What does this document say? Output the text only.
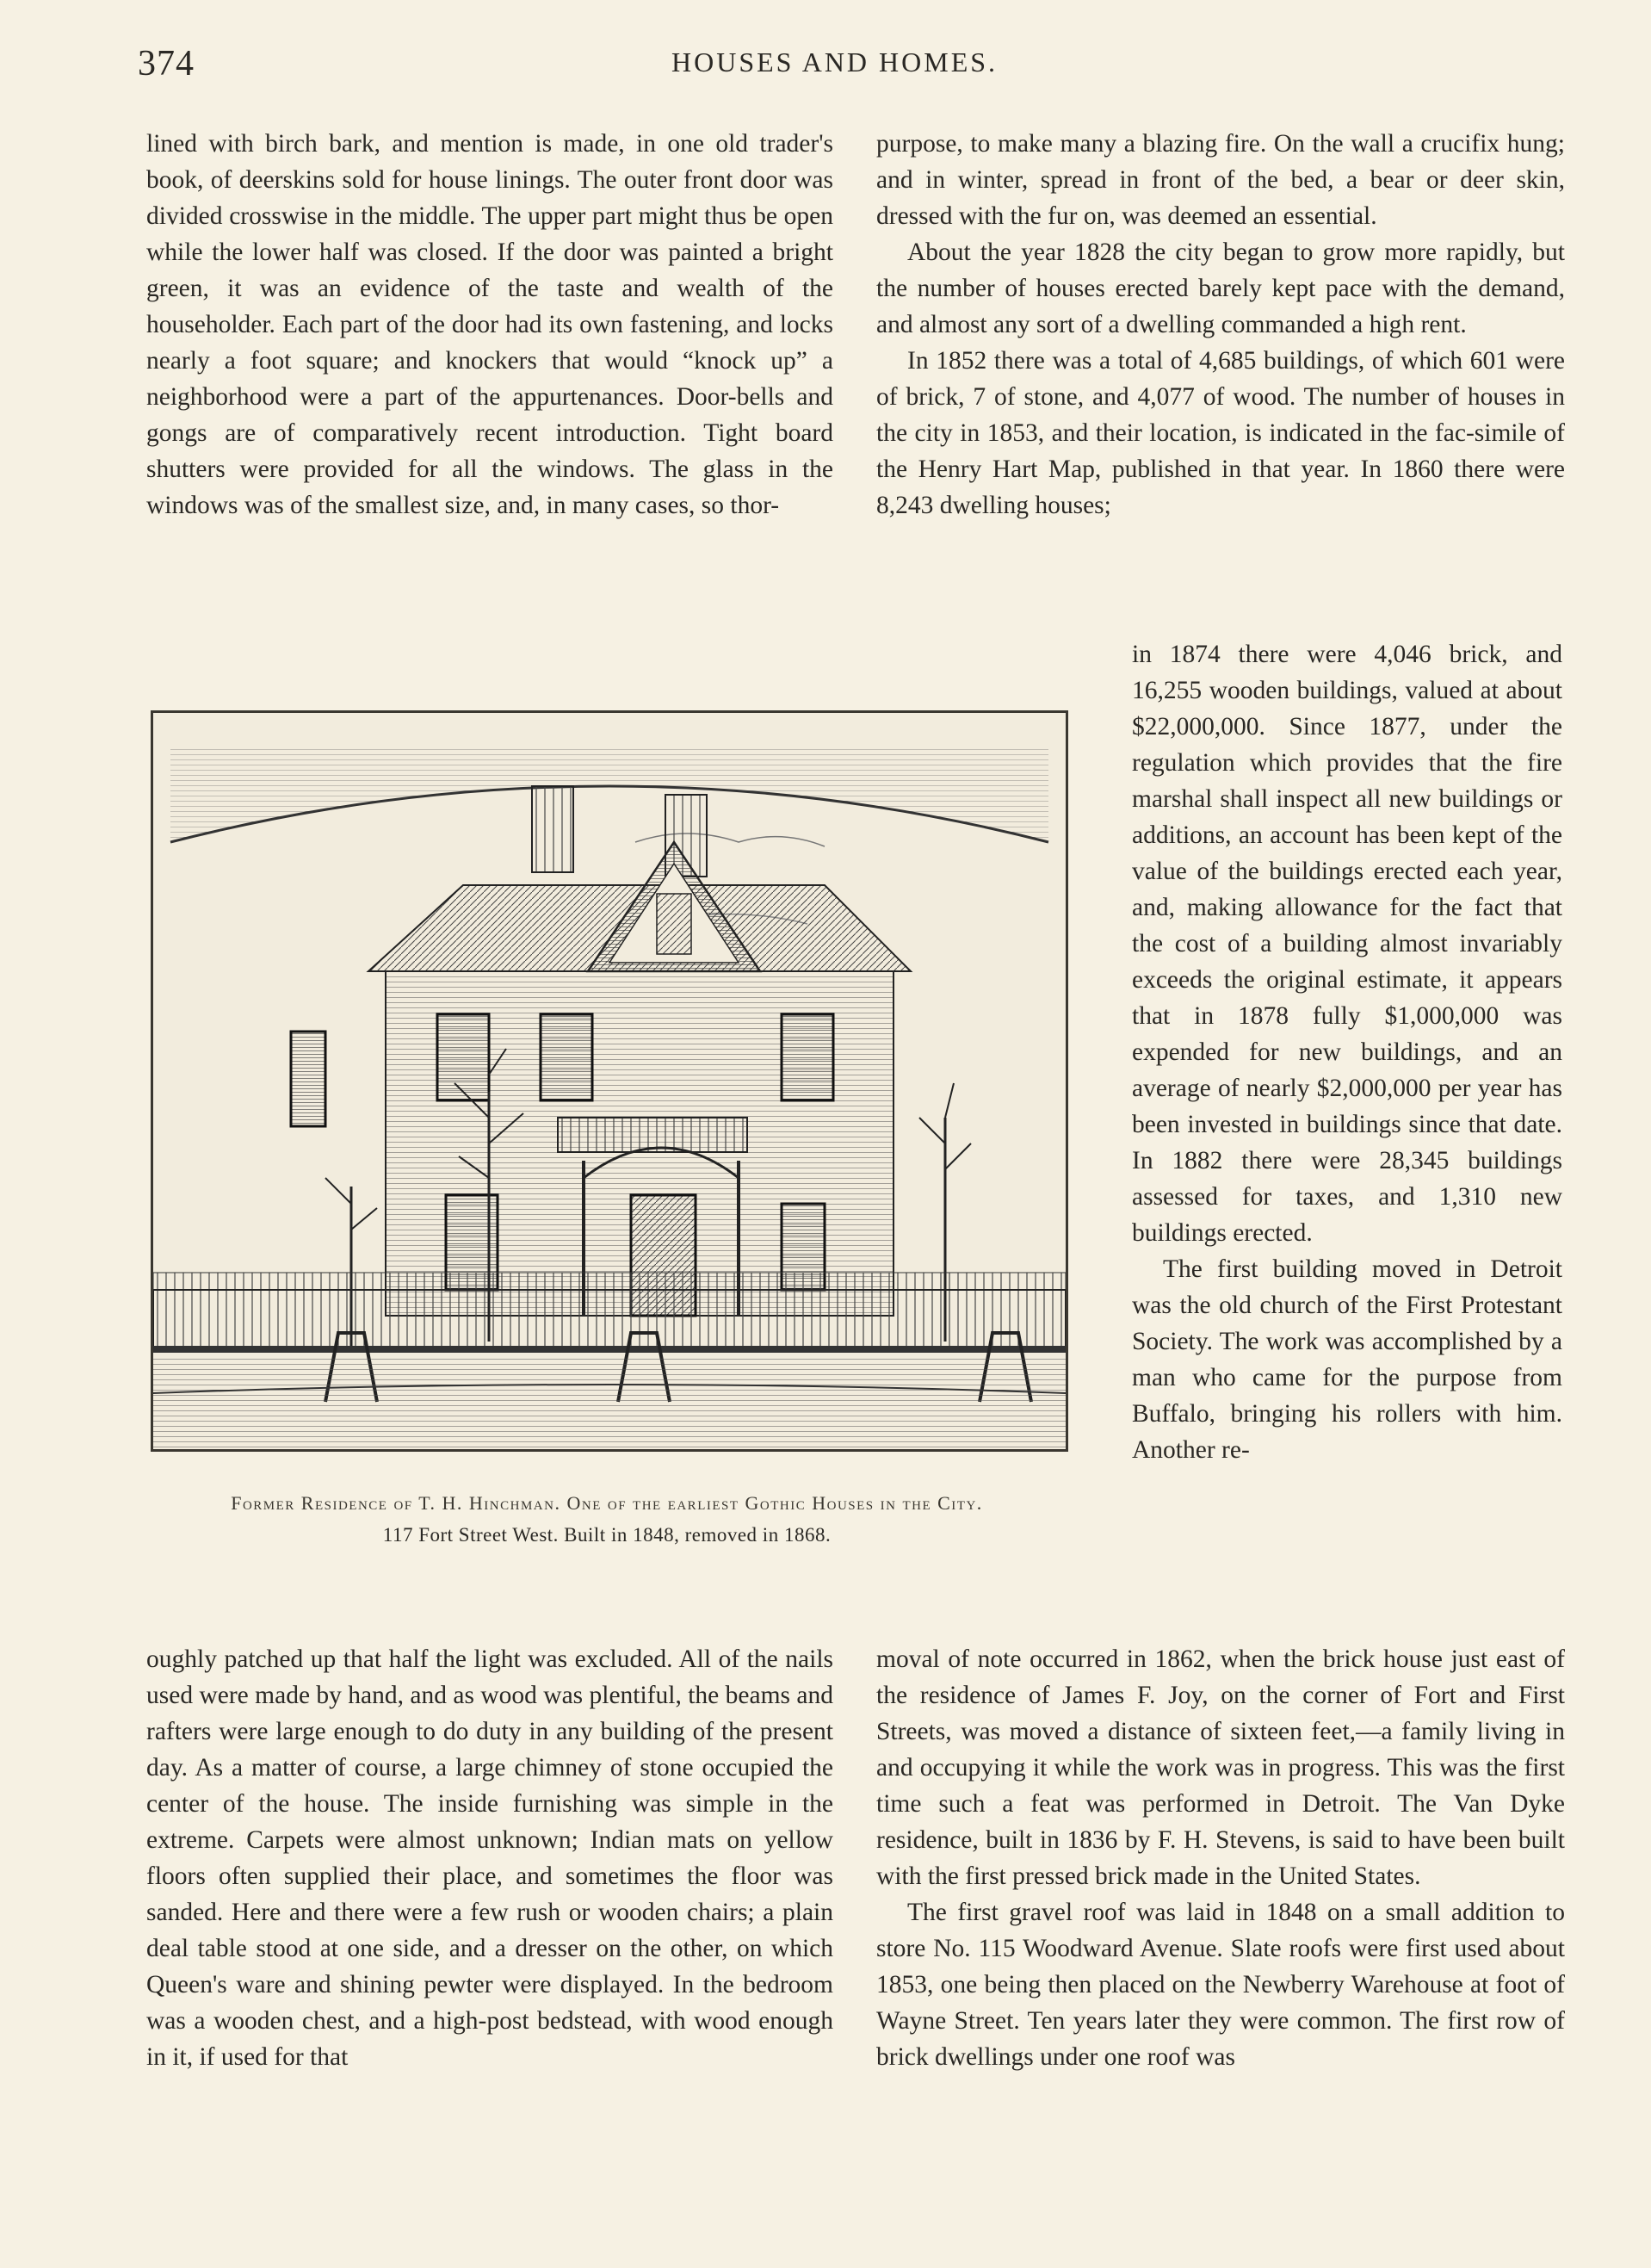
374	HOUSES AND HOMES.

lined with birch bark, and mention is made, in one old trader's book, of deerskins sold for house linings. The outer front door was divided crosswise in the middle. The upper part might thus be open while the lower half was closed. If the door was painted a bright green, it was an evidence of the taste and wealth of the householder. Each part of the door had its own fastening, and locks nearly a foot square; and knockers that would “knock up” a neighborhood were a part of the appurtenances. Door-bells and gongs are of comparatively recent introduction. Tight board shutters were provided for all the windows. The glass in the windows was of the smallest size, and, in many cases, so thor-

purpose, to make many a blazing fire. On the wall a crucifix hung; and in winter, spread in front of the bed, a bear or deer skin, dressed with the fur on, was deemed an essential.

About the year 1828 the city began to grow more rapidly, but the number of houses erected barely kept pace with the demand, and almost any sort of a dwelling commanded a high rent.

In 1852 there was a total of 4,685 buildings, of which 601 were of brick, 7 of stone, and 4,077 of wood. The number of houses in the city in 1853, and their location, is indicated in the fac-simile of the Henry Hart Map, published in that year. In 1860 there were 8,243 dwelling houses;

Former Residence of T. H. Hinchman. One of the earliest Gothic Houses in the City.
117 Fort Street West. Built in 1848, removed in 1868.

in 1874 there were 4,046 brick, and 16,255 wooden buildings, valued at about $22,000,000. Since 1877, under the regulation which provides that the fire marshal shall inspect all new buildings or additions, an account has been kept of the value of the buildings erected each year, and, making allowance for the fact that the cost of a building almost invariably exceeds the original estimate, it appears that in 1878 fully $1,000,000 was expended for new buildings, and an average of nearly $2,000,000 per year has been invested in buildings since that date. In 1882 there were 28,345 buildings assessed for taxes, and 1,310 new buildings erected.

The first building moved in Detroit was the old church of the First Protestant Society. The work was accomplished by a man who came for the purpose from Buffalo, bringing his rollers with him. Another re-

oughly patched up that half the light was excluded. All of the nails used were made by hand, and as wood was plentiful, the beams and rafters were large enough to do duty in any building of the present day. As a matter of course, a large chimney of stone occupied the center of the house. The inside furnishing was simple in the extreme. Carpets were almost unknown; Indian mats on yellow floors often supplied their place, and sometimes the floor was sanded. Here and there were a few rush or wooden chairs; a plain deal table stood at one side, and a dresser on the other, on which Queen's ware and shining pewter were displayed. In the bedroom was a wooden chest, and a high-post bedstead, with wood enough in it, if used for that

moval of note occurred in 1862, when the brick house just east of the residence of James F. Joy, on the corner of Fort and First Streets, was moved a distance of sixteen feet,—a family living in and occupying it while the work was in progress. This was the first time such a feat was performed in Detroit. The Van Dyke residence, built in 1836 by F. H. Stevens, is said to have been built with the first pressed brick made in the United States.

The first gravel roof was laid in 1848 on a small addition to store No. 115 Woodward Avenue. Slate roofs were first used about 1853, one being then placed on the Newberry Warehouse at foot of Wayne Street. Ten years later they were common. The first row of brick dwellings under one roof was
